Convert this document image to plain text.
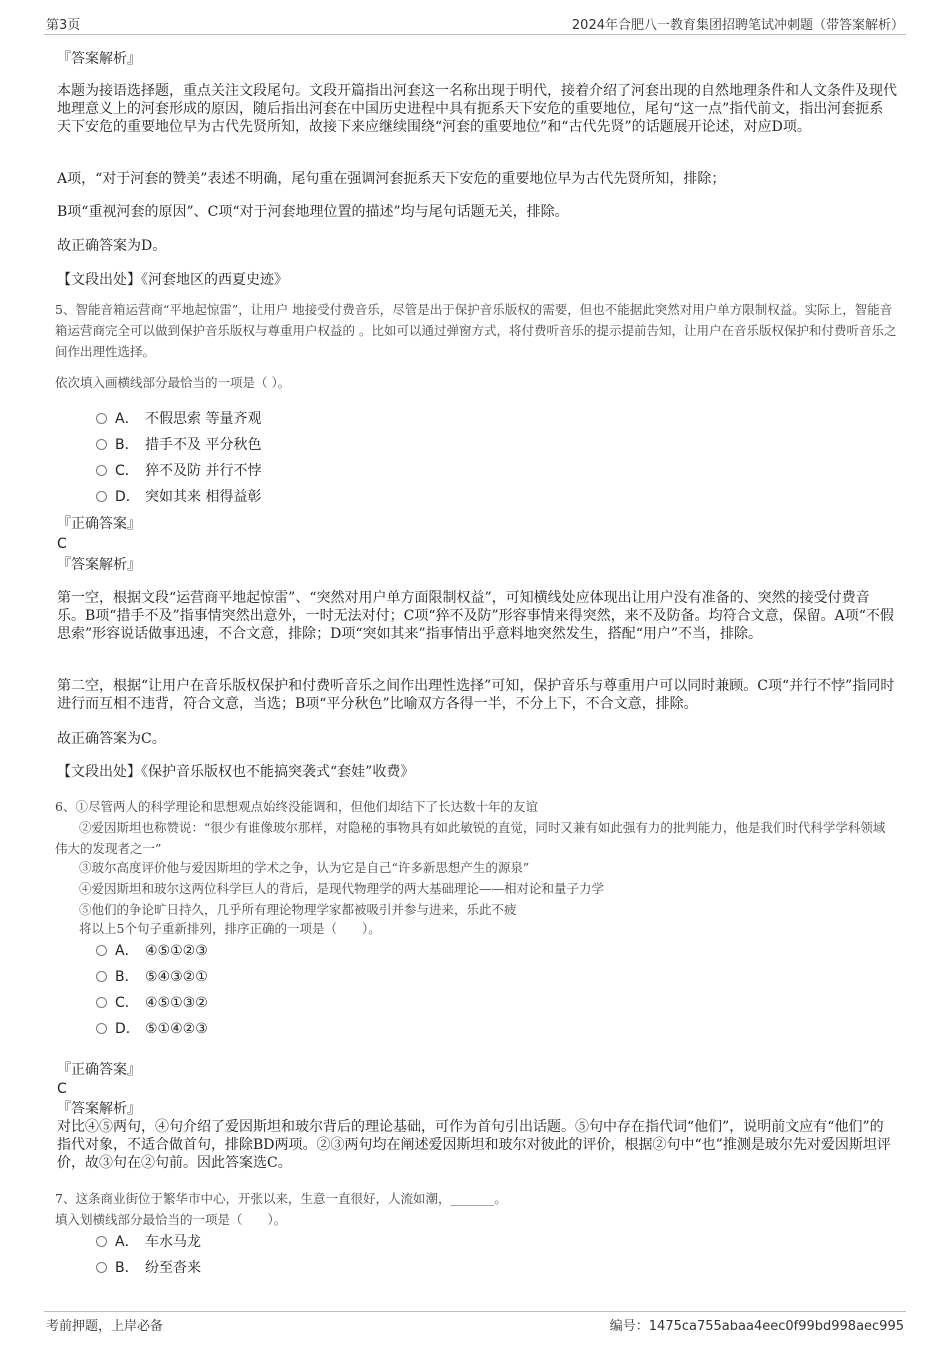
第3页	2024年合肥八一教育集团招聘笔试冲刺题（带答案解析）
『答案解析』
本题为接语选择题，重点关注文段尾句。文段开篇指出河套这一名称出现于明代，接着介绍了河套出现的自然地理条件和人文条件及现代地理意义上的河套形成的原因，随后指出河套在中国历史进程中具有扼系天下安危的重要地位，尾句“这一点”指代前文，指出河套扼系天下安危的重要地位早为古代先贤所知，故接下来应继续围绕“河套的重要地位”和“古代先贤”的话题展开论述，对应D项。
A项，“对于河套的赞美”表述不明确，尾句重在强调河套扼系天下安危的重要地位早为古代先贤所知，排除；
B项“重视河套的原因”、C项“对于河套地理位置的描述”均与尾句话题无关，排除。
故正确答案为D。
【文段出处】《河套地区的西夏史迹》
5、智能音箱运营商“平地起惊雷”，让用户 地接受付费音乐，尽管是出于保护音乐版权的需要，但也不能据此突然对用户单方限制权益。实际上，智能音箱运营商完全可以做到保护音乐版权与尊重用户权益的 。比如可以通过弹窗方式，将付费听音乐的提示提前告知，让用户在音乐版权保护和付费听音乐之间作出理性选择。
依次填入画横线部分最恰当的一项是（ ）。
A． 不假思索 等量齐观
B． 措手不及 平分秋色
C． 猝不及防 并行不悖
D． 突如其来 相得益彰
『正确答案』
C
『答案解析』
第一空，根据文段“运营商平地起惊雷”、“突然对用户单方面限制权益”，可知横线处应体现出让用户没有准备的、突然的接受付费音乐。B项“措手不及”指事情突然出意外，一时无法对付；C项“猝不及防”形容事情来得突然，来不及防备。均符合文意，保留。A项“不假思索”形容说话做事迅速，不合文意，排除；D项“突如其来”指事情出乎意料地突然发生，搭配“用户”不当，排除。
第二空，根据“让用户在音乐版权保护和付费听音乐之间作出理性选择”可知，保护音乐与尊重用户可以同时兼顾。C项“并行不悖”指同时进行而互相不违背，符合文意，当选；B项“平分秋色”比喻双方各得一半，不分上下，不合文意，排除。
故正确答案为C。
【文段出处】《保护音乐版权也不能搞突袭式“套娃”收费》
6、①尽管两人的科学理论和思想观点始终没能调和，但他们却结下了长达数十年的友谊
②爱因斯坦也称赞说：“很少有谁像玻尔那样，对隐秘的事物具有如此敏锐的直觉，同时又兼有如此强有力的批判能力，他是我们时代科学学科领域伟大的发现者之一”
③玻尔高度评价他与爱因斯坦的学术之争，认为它是自己“许多新思想产生的源泉”
④爱因斯坦和玻尔这两位科学巨人的背后，是现代物理学的两大基础理论——相对论和量子力学
⑤他们的争论旷日持久，几乎所有理论物理学家都被吸引并参与进来，乐此不疲
将以上5个句子重新排列，排序正确的一项是（　　）。
A． ④⑤①②③
B． ⑤④③②①
C． ④⑤①③②
D． ⑤①④②③
『正确答案』
C
『答案解析』
对比④⑤两句，④句介绍了爱因斯坦和玻尔背后的理论基础，可作为首句引出话题。⑤句中存在指代词“他们”，说明前文应有“他们”的指代对象，不适合做首句，排除BD两项。②③两句均在阐述爱因斯坦和玻尔对彼此的评价，根据②句中“也”推测是玻尔先对爱因斯坦评价，故③句在②句前。因此答案选C。
7、这条商业街位于繁华市中心，开张以来，生意一直很好，人流如潮，_______。
填入划横线部分最恰当的一项是（　　）。
A． 车水马龙
B． 纷至沓来
考前押题，上岸必备	编号：1475ca755abaa4eec0f99bd998aec995
